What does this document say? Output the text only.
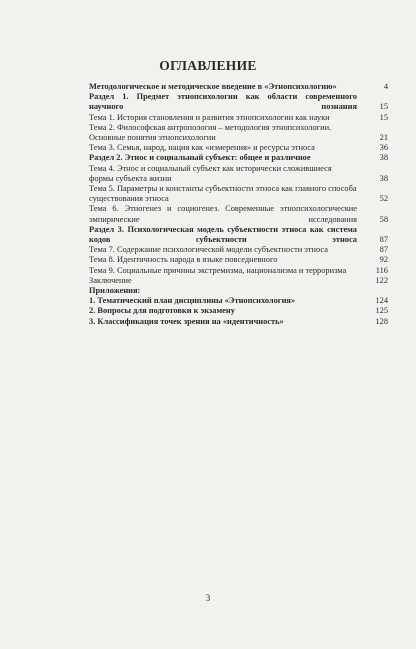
ОГЛАВЛЕНИЕ
Методологическое и методическое введение в «Этнопсихологию»	4
Раздел 1. Предмет этнопсихологии как области современного научного познания	15
Тема 1. История становления и развития этнопсихологии как науки	15
Тема 2. Философская антропология – методология этнопсихологии. Основные понятия этнопсихологии	21
Тема 3. Семья, народ, нация как «измерения» и ресурсы этноса	36
Раздел 2. Этнос и социальный субъект: общее и различное	38
Тема 4. Этнос и социальный субъект как исторически сложившиеся формы субъекта жизни	38
Тема 5. Параметры и константы субъектности этноса как главного способа существования этноса	52
Тема 6. Этногенез и социогенез. Современные этнопсихологические эмпирические исследования	58
Раздел 3. Психологическая модель субъектности этноса как система кодов субъектности этноса	87
Тема 7. Содержание психологической модели субъектности этноса	87
Тема 8. Идентичность народа в языке повседневного	92
Тема 9. Социальные причины экстремизма, национализма и терроризма	116
Заключение	122
Приложения:
1. Тематический план дисциплины «Этнопсихология»	124
2. Вопросы для подготовки к экзамену	125
3. Классификация точек зрения на «идентичность»	128
3
